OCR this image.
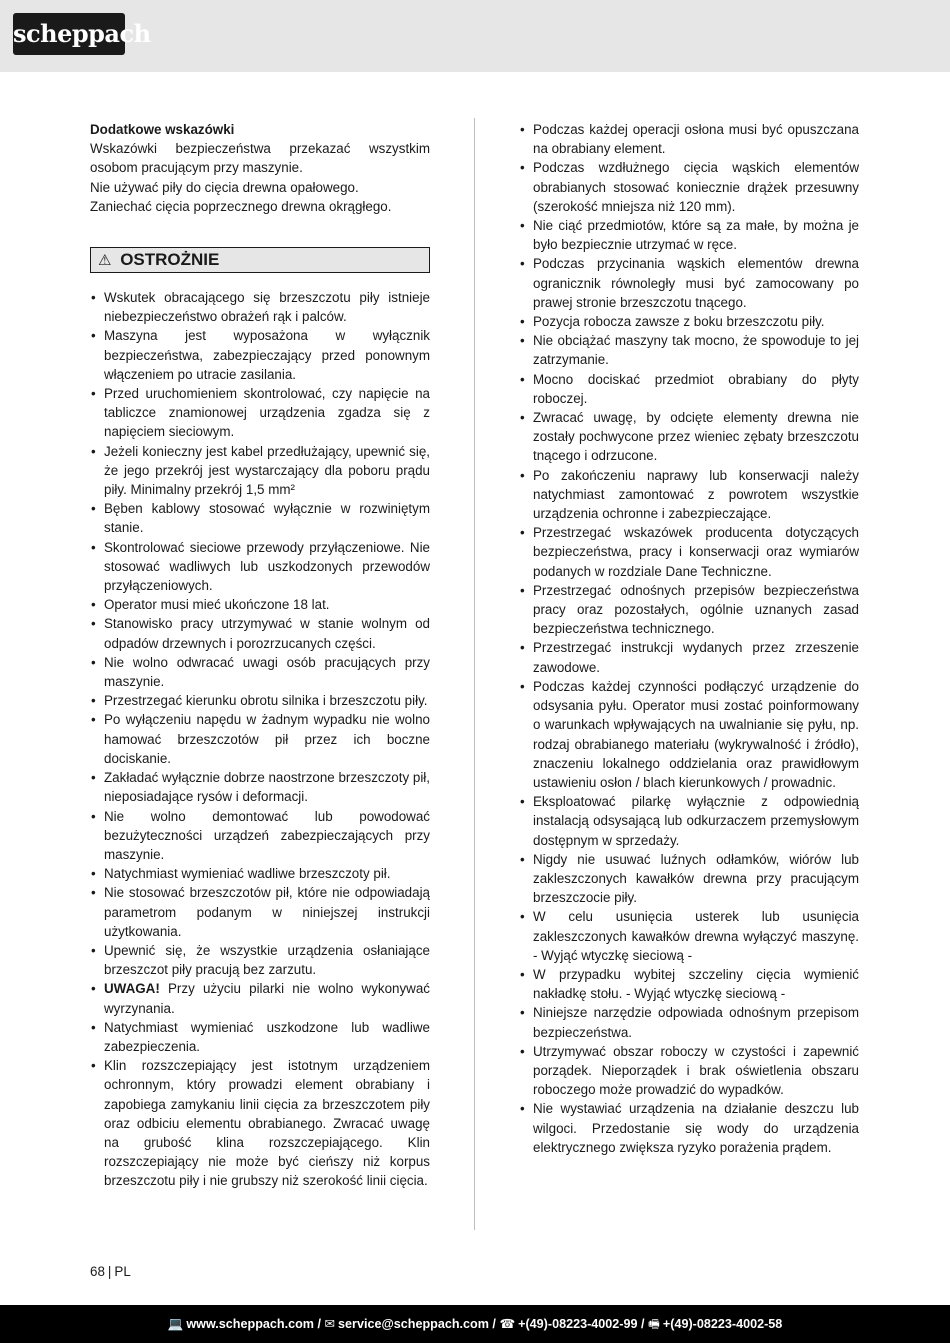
scheppach
Dodatkowe wskazówki

Wskazówki bezpieczeństwa przekazać wszystkim osobom pracującym przy maszynie.

Nie używać piły do cięcia drewna opałowego.

Zaniechać cięcia poprzecznego drewna okrągłego.

⚠ OSTROŻNIE
• Wskutek obracającego się brzeszczotu piły istnieje niebezpieczeństwo obrażeń rąk i palców.
• Maszyna jest wyposażona w wyłącznik bezpieczeństwa, zabezpieczający przed ponownym włączeniem po utracie zasilania.
• Przed uruchomieniem skontrolować, czy napięcie na tabliczce znamionowej urządzenia zgadza się z napięciem sieciowym.
• Jeżeli konieczny jest kabel przedłużający, upewnić się, że jego przekrój jest wystarczający dla poboru prądu piły. Minimalny przekrój 1,5 mm²
• Bęben kablowy stosować wyłącznie w rozwiniętym stanie.
• Skontrolować sieciowe przewody przyłączeniowe. Nie stosować wadliwych lub uszkodzonych przewodów przyłączeniowych.
• Operator musi mieć ukończone 18 lat.
• Stanowisko pracy utrzymywać w stanie wolnym od odpadów drzewnych i porozrzucanych części.
• Nie wolno odwracać uwagi osób pracujących przy maszynie.
• Przestrzegać kierunku obrotu silnika i brzeszczotu piły.
• Po wyłączeniu napędu w żadnym wypadku nie wolno hamować brzeszczotów pił przez ich boczne dociskanie.
• Zakładać wyłącznie dobrze naostrzone brzeszczoty pił, nieposiadające rysów i deformacji.
• Nie wolno demontować lub powodować bezużyteczności urządzeń zabezpieczających przy maszynie.
• Natychmiast wymieniać wadliwe brzeszczoty pił.
• Nie stosować brzeszczotów pił, które nie odpowiadają parametrom podanym w niniejszej instrukcji użytkowania.
• Upewnić się, że wszystkie urządzenia osłaniające brzeszczot piły pracują bez zarzutu.
• UWAGA! Przy użyciu pilarki nie wolno wykonywać wyrzynania.
• Natychmiast wymieniać uszkodzone lub wadliwe zabezpieczenia.
• Klin rozszczepiający jest istotnym urządzeniem ochronnym, który prowadzi element obrabiany i zapobiega zamykaniu linii cięcia za brzeszczotem piły oraz odbiciu elementu obrabianego. Zwracać uwagę na grubość klina rozszczepiającego. Klin rozszczepiający nie może być cieńszy niż korpus brzeszczotu piły i nie grubszy niż szerokość linii cięcia.
• Podczas każdej operacji osłona musi być opuszczana na obrabiany element.
• Podczas wzdłużnego cięcia wąskich elementów obrabianych stosować koniecznie drążek przesuwny (szerokość mniejsza niż 120 mm).
• Nie ciąć przedmiotów, które są za małe, by można je było bezpiecznie utrzymać w ręce.
• Podczas przycinania wąskich elementów drewna ogranicznik równoległy musi być zamocowany po prawej stronie brzeszczotu tnącego.
• Pozycja robocza zawsze z boku brzeszczotu piły.
• Nie obciążać maszyny tak mocno, że spowoduje to jej zatrzymanie.
• Mocno dociskać przedmiot obrabiany do płyty roboczej.
• Zwracać uwagę, by odcięte elementy drewna nie zostały pochwycone przez wieniec zębaty brzeszczotu tnącego i odrzucone.
• Po zakończeniu naprawy lub konserwacji należy natychmiast zamontować z powrotem wszystkie urządzenia ochronne i zabezpieczające.
• Przestrzegać wskazówek producenta dotyczących bezpieczeństwa, pracy i konserwacji oraz wymiarów podanych w rozdziale Dane Techniczne.
• Przestrzegać odnośnych przepisów bezpieczeństwa pracy oraz pozostałych, ogólnie uznanych zasad bezpieczeństwa technicznego.
• Przestrzegać instrukcji wydanych przez zrzeszenie zawodowe.
• Podczas każdej czynności podłączyć urządzenie do odsysania pyłu. Operator musi zostać poinformowany o warunkach wpływających na uwalnianie się pyłu, np. rodzaj obrabianego materiału (wykrywalność i źródło), znaczeniu lokalnego oddzielania oraz prawidłowym ustawieniu osłon / blach kierunkowych / prowadnic.
• Eksploatować pilarkę wyłącznie z odpowiednią instalacją odsysającą lub odkurzaczem przemysłowym dostępnym w sprzedaży.
• Nigdy nie usuwać luźnych odłamków, wiórów lub zakleszczonych kawałków drewna przy pracującym brzeszczocie piły.
• W celu usunięcia usterek lub usunięcia zakleszczonych kawałków drewna wyłączyć maszynę. - Wyjąć wtyczkę sieciową -
• W przypadku wybitej szczeliny cięcia wymienić nakładkę stołu. - Wyjąć wtyczkę sieciową -
• Niniejsze narzędzie odpowiada odnośnym przepisom bezpieczeństwa.
• Utrzymywać obszar roboczy w czystości i zapewnić porządek. Nieporządek i brak oświetlenia obszaru roboczego może prowadzić do wypadków.
• Nie wystawiać urządzenia na działanie deszczu lub wilgoci. Przedostanie się wody do urządzenia elektrycznego zwiększa ryzyko porażenia prądem.
68 | PL
💻 www.scheppach.com / ✉ service@scheppach.com / ☎ +(49)-08223-4002-99 / 🖷 +(49)-08223-4002-58
